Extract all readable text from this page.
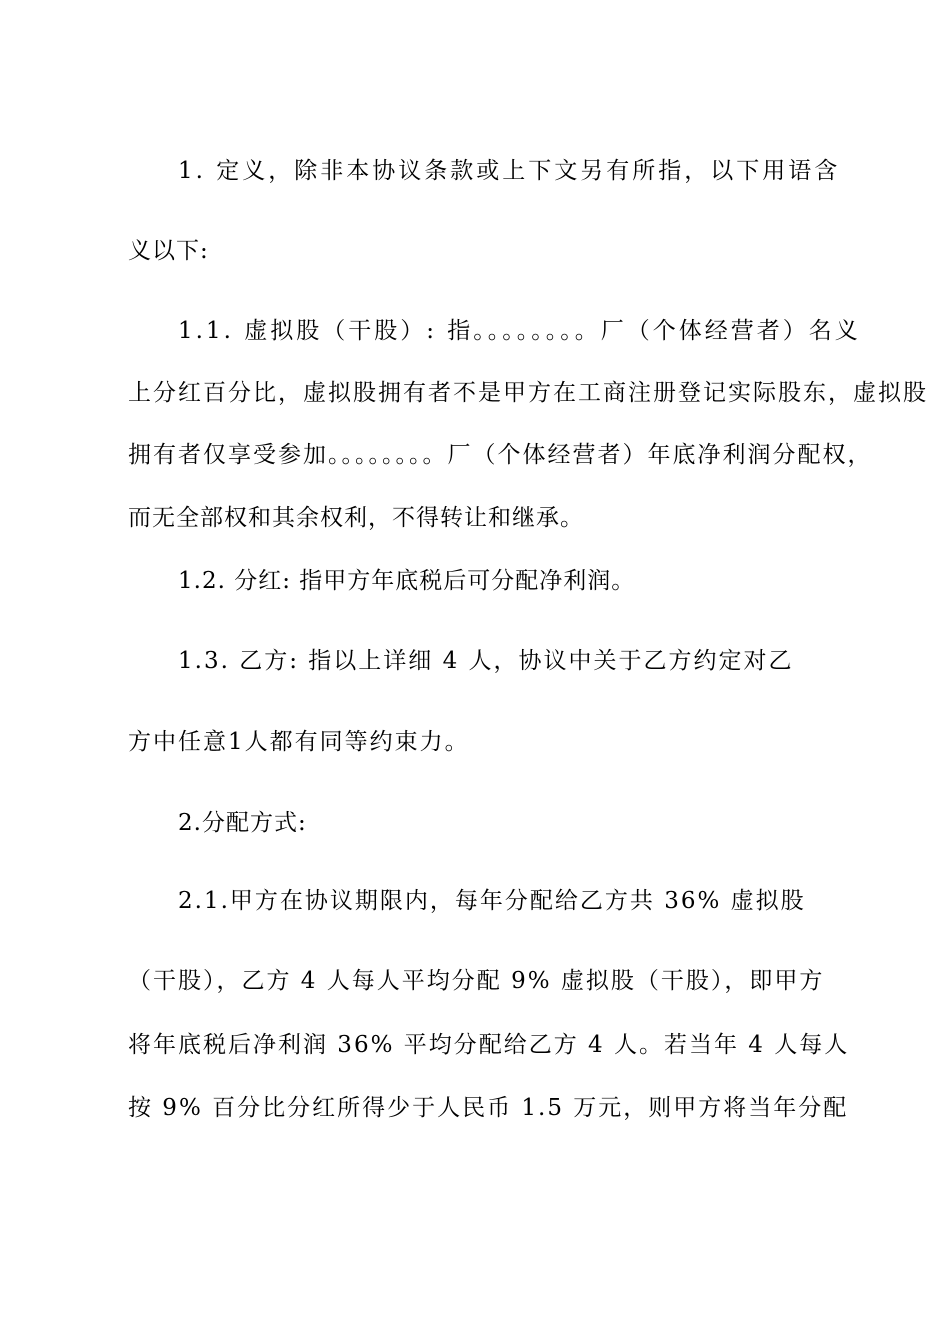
1. 定义，除非本协议条款或上下文另有所指，以下用语含

义以下:

1.1. 虚拟股（干股）: 指。。。。。。。。厂（个体经营者）名义

上分红百分比，虚拟股拥有者不是甲方在工商注册登记实际股东，虚拟股

拥有者仅享受参加。。。。。。。。厂（个体经营者）年底净利润分配权，

而无全部权和其余权利，不得转让和继承。

1.2. 分红: 指甲方年底税后可分配净利润。

1.3. 乙方: 指以上详细 4 人，协议中关于乙方约定对乙

方中任意1人都有同等约束力。

2.分配方式:

2.1.甲方在协议期限内，每年分配给乙方共 36% 虚拟股

（干股），乙方 4 人每人平均分配 9% 虚拟股（干股），即甲方

将年底税后净利润 36% 平均分配给乙方 4 人。若当年 4 人每人

按 9% 百分比分红所得少于人民币 1.5 万元，则甲方将当年分配
